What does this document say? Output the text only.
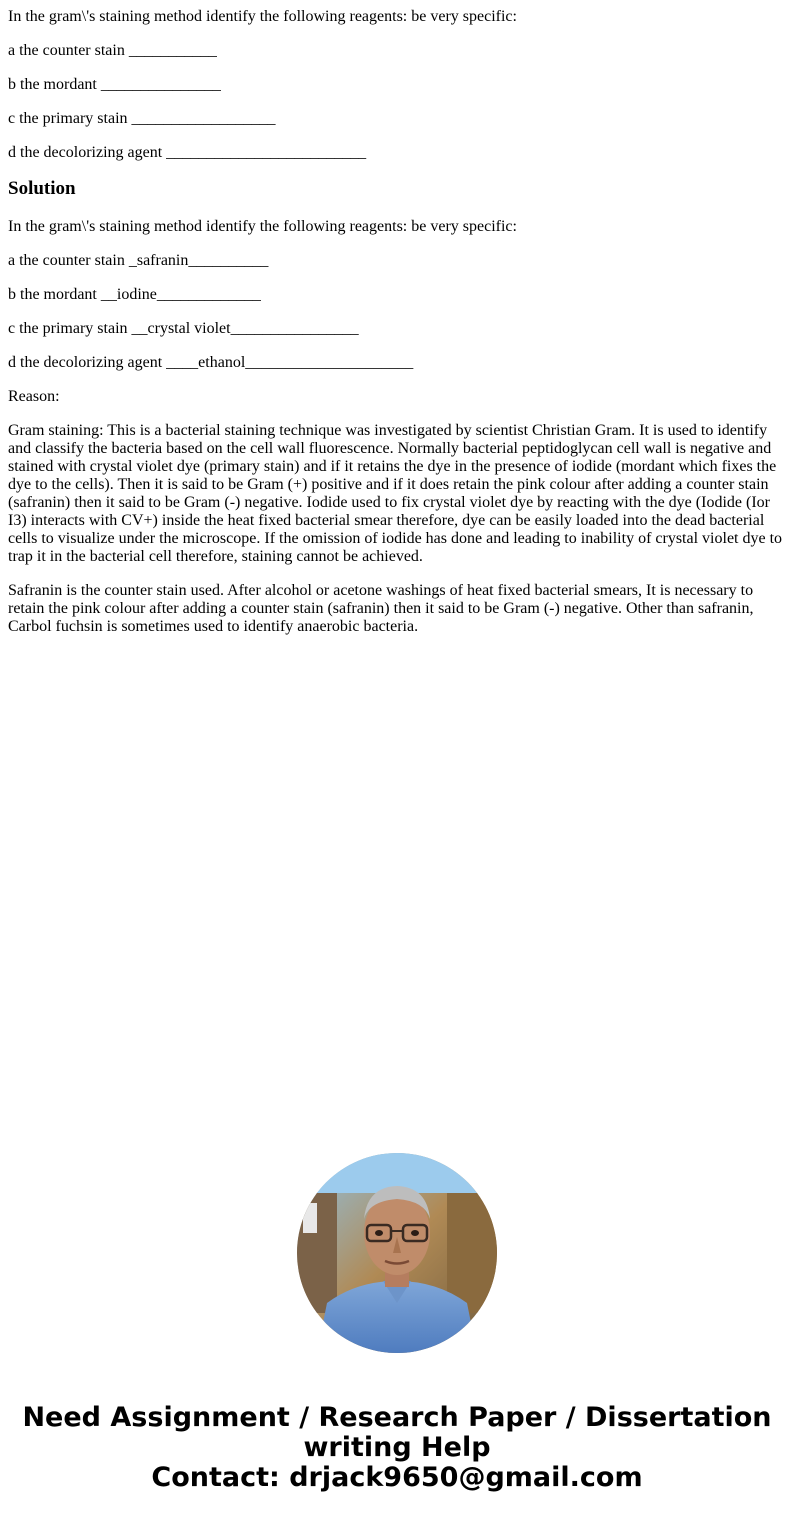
In the gram\'s staining method identify the following reagents: be very specific:

a the counter stain ___________

b the mordant _______________

c the primary stain __________________

d the decolorizing agent _________________________

Solution

In the gram\'s staining method identify the following reagents: be very specific:

a the counter stain _safranin__________

b the mordant __iodine_____________

c the primary stain __crystal violet________________

d the decolorizing agent ____ethanol_____________________

Reason:

Gram staining: This is a bacterial staining technique was investigated by scientist Christian Gram. It is used to identify and classify the bacteria based on the cell wall fluorescence. Normally bacterial peptidoglycan cell wall is negative and stained with crystal violet dye (primary stain) and if it retains the dye in the presence of iodide (mordant which fixes the dye to the cells). Then it is said to be Gram (+) positive and if it does retain the pink colour after adding a counter stain (safranin) then it said to be Gram (-) negative. Iodide used to fix crystal violet dye by reacting with the dye (Iodide (Ior I3) interacts with CV+) inside the heat fixed bacterial smear therefore, dye can be easily loaded into the dead bacterial cells to visualize under the microscope. If the omission of iodide has done and leading to inability of crystal violet dye to trap it in the bacterial cell therefore, staining cannot be achieved.

Safranin is the counter stain used. After alcohol or acetone washings of heat fixed bacterial smears, It is necessary to retain the pink colour after adding a counter stain (safranin) then it said to be Gram (-) negative. Other than safranin, Carbol fuchsin is sometimes used to identify anaerobic bacteria.

Need Assignment / Research Paper / Dissertation
writing Help
Contact: drjack9650@gmail.com
